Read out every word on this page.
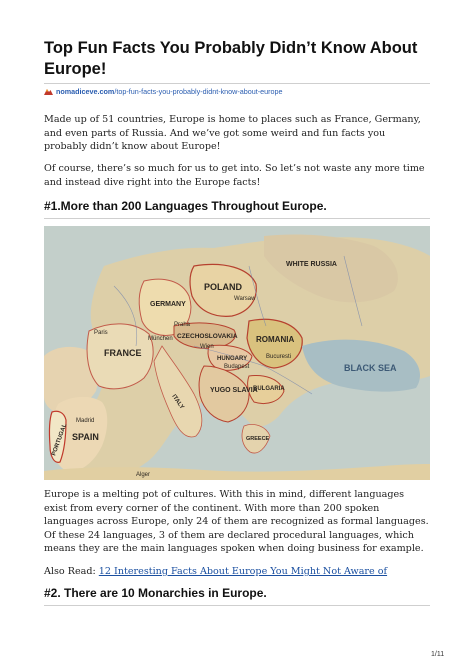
Top Fun Facts You Probably Didn’t Know About Europe!
nomadiceve.com/top-fun-facts-you-probably-didnt-know-about-europe

Made up of 51 countries, Europe is home to places such as France, Germany, and even parts of Russia. And we’ve got some weird and fun facts you probably didn’t know about Europe!

Of course, there’s so much for us to get into. So let’s not waste any more time and instead dive right into the Europe facts!

#1.More than 200 Languages Throughout Europe.
POLAND
GERMANY
CZECHOSLOVAKIA
HUNGARY
ROMANIA
FRANCE
SPAIN
PORTUGAL
YUGO SLAVIA
BULGARIA
BLACK SEA
WHITE RUSSIA
Warsaw
Praha
Wien
Budapest
München
Paris
Madrid
Bucuresti
Alger
GREECE
ITALY

Europe is a melting pot of cultures. With this in mind, different languages exist from every corner of the continent. With more than 200 spoken languages across Europe, only 24 of them are recognized as formal languages. Of these 24 languages, 3 of them are declared procedural languages, which means they are the main languages spoken when doing business for example.

Also Read: 12 Interesting Facts About Europe You Might Not Aware of

#2. There are 10 Monarchies in Europe.
1/11
